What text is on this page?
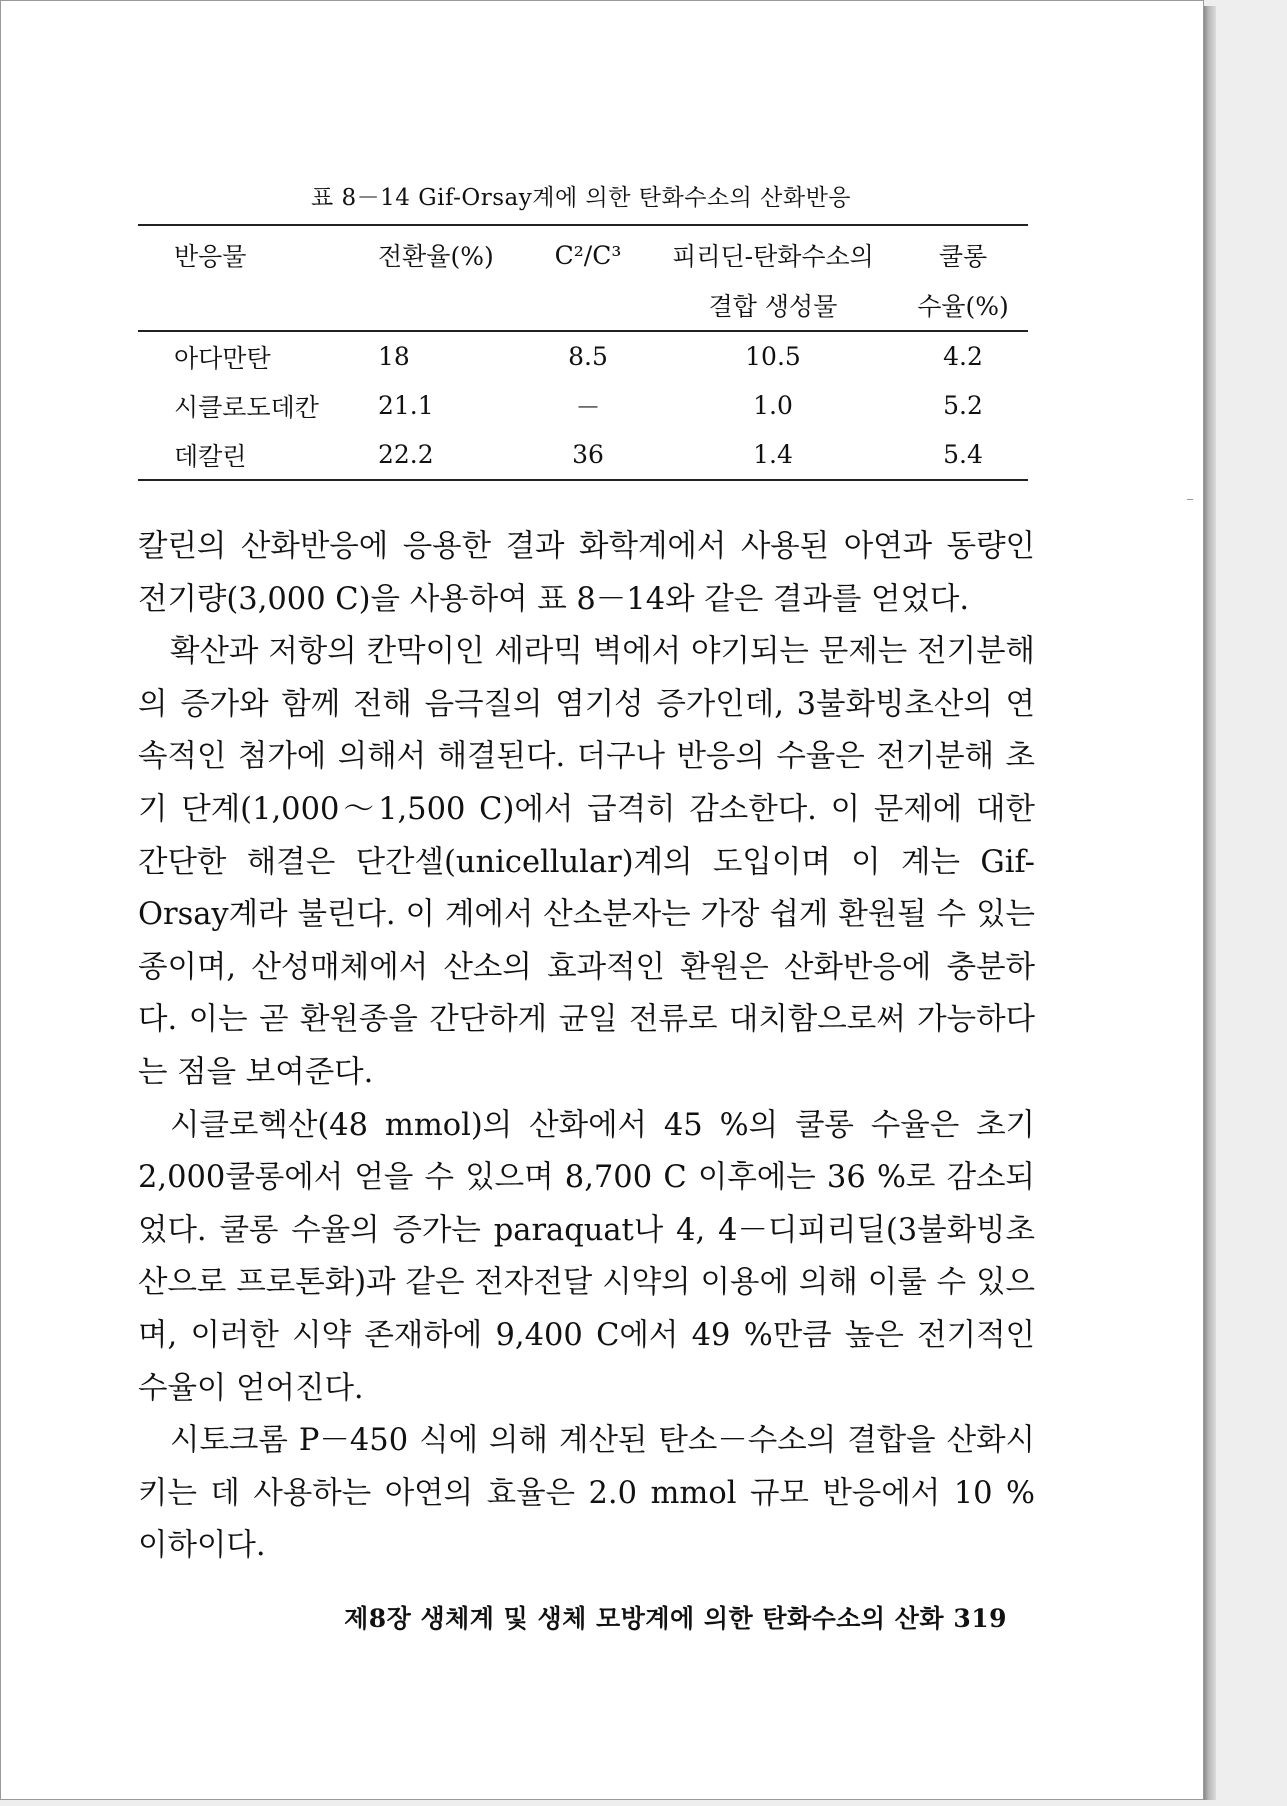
표 8－14 Gif-Orsay계에 의한 탄화수소의 산화반응
반응물	전환율(%)	C²/C³	피리딘-탄화수소의	쿨롱
			결합 생성물	수율(%)
아다만탄	18	8.5	10.5	4.2
시클로도데칸	21.1	－	1.0	5.2
데칼린	22.2	36	1.4	5.4

칼린의 산화반응에 응용한 결과 화학계에서 사용된 아연과 동량인 전기량(3,000 C)을 사용하여 표 8－14와 같은 결과를 얻었다.

확산과 저항의 칸막이인 세라믹 벽에서 야기되는 문제는 전기분해의 증가와 함께 전해 음극질의 염기성 증가인데, 3불화빙초산의 연속적인 첨가에 의해서 해결된다. 더구나 반응의 수율은 전기분해 초기 단계(1,000～1,500 C)에서 급격히 감소한다. 이 문제에 대한 간단한 해결은 단간셀(unicellular)계의 도입이며 이 계는 Gif-Orsay계라 불린다. 이 계에서 산소분자는 가장 쉽게 환원될 수 있는 종이며, 산성매체에서 산소의 효과적인 환원은 산화반응에 충분하다. 이는 곧 환원종을 간단하게 균일 전류로 대치함으로써 가능하다는 점을 보여준다.

시클로헥산(48 mmol)의 산화에서 45 %의 쿨롱 수율은 초기 2,000쿨롱에서 얻을 수 있으며 8,700 C 이후에는 36 %로 감소되었다. 쿨롱 수율의 증가는 paraquat나 4, 4－디피리딜(3불화빙초산으로 프로톤화)과 같은 전자전달 시약의 이용에 의해 이룰 수 있으며, 이러한 시약 존재하에 9,400 C에서 49 %만큼 높은 전기적인 수율이 얻어진다.

시토크롬 P－450 식에 의해 계산된 탄소－수소의 결합을 산화시키는 데 사용하는 아연의 효율은 2.0 mmol 규모 반응에서 10 % 이하이다.

제8장 생체계 및 생체 모방계에 의한 탄화수소의 산화 319
